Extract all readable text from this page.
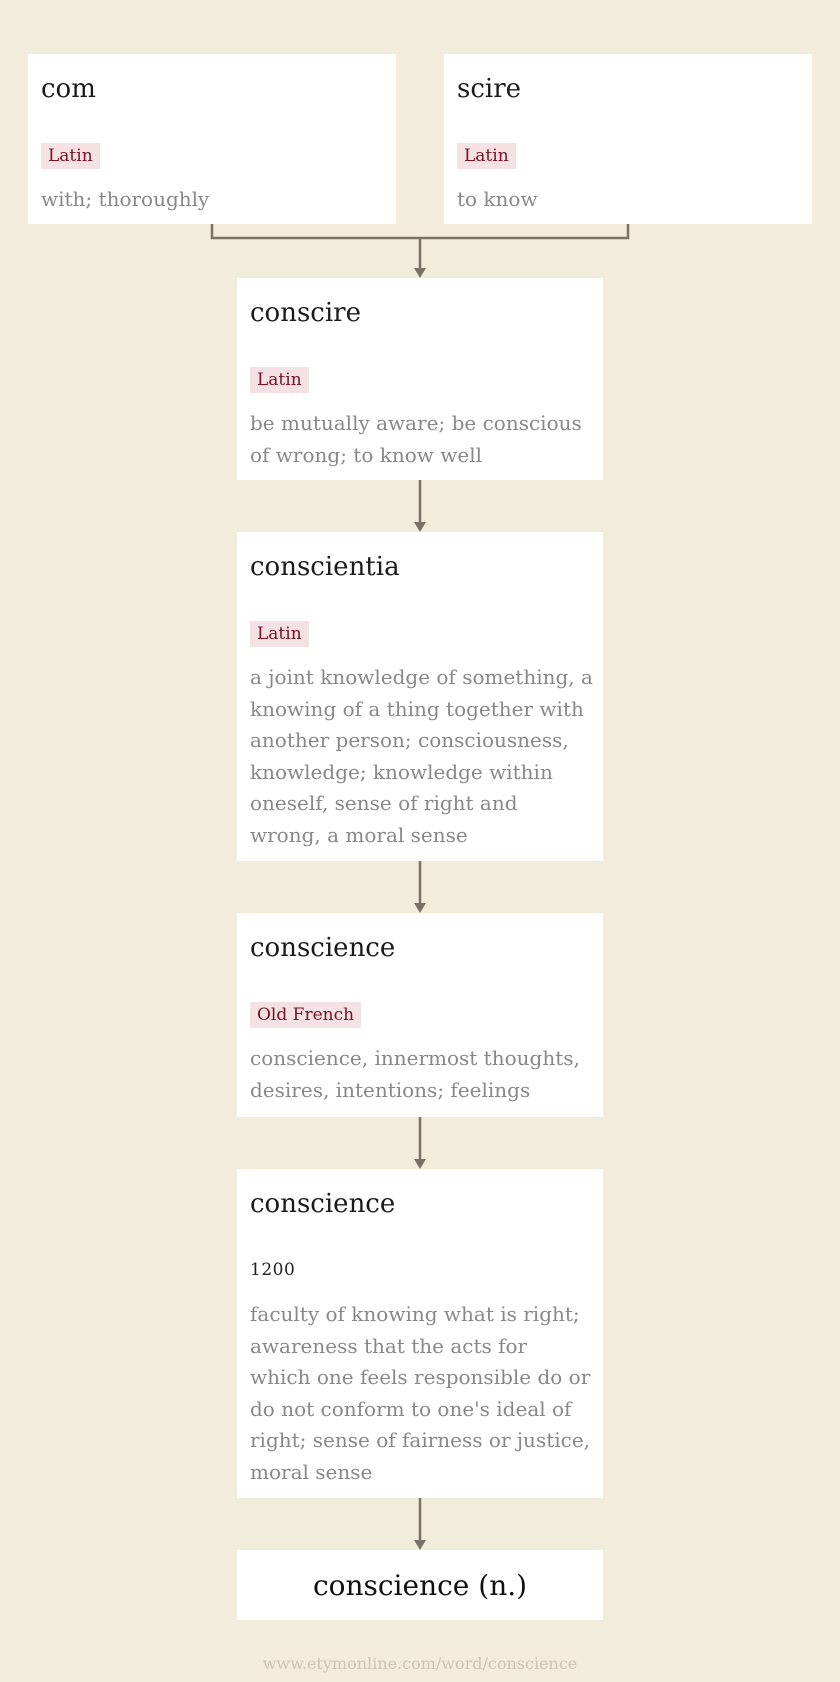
com
Latin
with; thoroughly
scire
Latin
to know
conscire
Latin
be mutually aware; be conscious of wrong; to know well
conscientia
Latin
a joint knowledge of something, a knowing of a thing together with another person; consciousness, knowledge; knowledge within oneself, sense of right and wrong, a moral sense
conscience
Old French
conscience, innermost thoughts, desires, intentions; feelings
conscience
1200
faculty of knowing what is right; awareness that the acts for which one feels responsible do or do not conform to one's ideal of right; sense of fairness or justice, moral sense
conscience (n.)
www.etymonline.com/word/conscience
